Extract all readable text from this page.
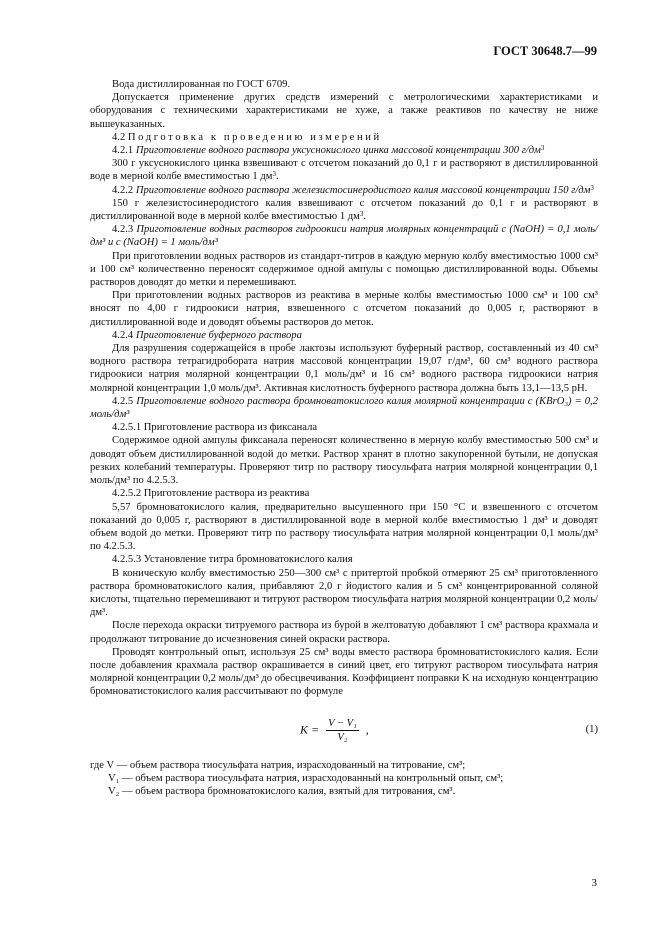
ГОСТ 30648.7—99

Вода дистиллированная по ГОСТ 6709.

Допускается применение других средств измерений с метрологическими характеристиками и оборудования с техническими характеристиками не хуже, а также реактивов по качеству не ниже вышеуказанных.

4.2 Подготовка к проведению измерений

4.2.1 Приготовление водного раствора уксуснокислого цинка массовой концентрации 300 $г/дм^3$

300 г уксуснокислого цинка взвешивают с отсчетом показаний до 0,1 г и растворяют в дистиллированной воде в мерной колбе вместимостью 1 $дм^3$.

4.2.2 Приготовление водного раствора железистосинеродистого калия массовой концентрации 150 $г/дм^3$

150 г железистосинеродистого калия взвешивают с отсчетом показаний до 0,1 г и растворяют в дистиллированной воде в мерной колбе вместимостью 1 $дм^3$.

4.2.3 Приготовление водных растворов гидроокиси натрия молярных концентраций с (NaOH) = 0,1 моль/дм³ и с (NaOH) = 1 моль/дм³

При приготовлении водных растворов из стандарт-титров в каждую мерную колбу вместимостью 1000 см³ и 100 см³ количественно переносят содержимое одной ампулы с помощью дистиллированной воды. Объемы растворов доводят до метки и перемешивают.

При приготовлении водных растворов из реактива в мерные колбы вместимостью 1000 см³ и 100 см³ вносят по 4,00 г гидроокиси натрия, взвешенного с отсчетом показаний до 0,005 г, растворяют в дистиллированной воде и доводят объемы растворов до меток.

4.2.4 Приготовление буферного раствора

Для разрушения содержащейся в пробе лактозы используют буферный раствор, составленный из 40 см³ водного раствора тетрагидробората натрия массовой концентрации 19,07 г/дм³, 60 см³ водного раствора гидроокиси натрия молярной концентрации 0,1 моль/дм³ и 16 см³ водного раствора гидроокиси натрия молярной концентрации 1,0 моль/дм³. Активная кислотность буферного раствора должна быть 13,1—13,5 pH.

4.2.5 Приготовление водного раствора бромноватокислого калия молярной концентрации с (KBrO₃) = 0,2 моль/дм³

4.2.5.1 Приготовление раствора из фиксанала

Содержимое одной ампулы фиксанала переносят количественно в мерную колбу вместимостью 500 см³ и доводят объем дистиллированной водой до метки. Раствор хранят в плотно закупоренной бутыли, не допуская резких колебаний температуры. Проверяют титр по раствору тиосульфата натрия молярной концентрации 0,1 моль/дм³ по 4.2.5.3.

4.2.5.2 Приготовление раствора из реактива

5,57 бромноватокислого калия, предварительно высушенного при 150 °С и взвешенного с отсчетом показаний до 0,005 г, растворяют в дистиллированной воде в мерной колбе вместимостью 1 дм³ и доводят объем водой до метки. Проверяют титр по раствору тиосульфата натрия молярной концентрации 0,1 моль/дм³ по 4.2.5.3.

4.2.5.3 Установление титра бромноватокислого калия

В коническую колбу вместимостью 250—300 см³ с притертой пробкой отмеряют 25 см³ приготовленного раствора бромноватокислого калия, прибавляют 2,0 г йодистого калия и 5 см³ концентрированной соляной кислоты, тщательно перемешивают и титруют раствором тиосульфата натрия молярной концентрации 0,2 моль/дм³.

После перехода окраски титруемого раствора из бурой в желтоватую добавляют 1 см³ раствора крахмала и продолжают титрование до исчезновения синей окраски раствора.

Проводят контрольный опыт, используя 25 см³ воды вместо раствора бромноватистокислого калия. Если после добавления крахмала раствор окрашивается в синий цвет, его титруют раствором тиосульфата натрия молярной концентрации 0,2 моль/дм³ до обесцвечивания. Коэффициент поправки K на исходную концентрацию бромноватистокислого калия рассчитывают по формуле

$K = \frac{\text{V − V₁}}{\text{V₂}}$ ,	(1)
где V — объем раствора тиосульфата натрия, израсходованный на титрование, см³;
V₁ — объем раствора тиосульфата натрия, израсходованный на контрольный опыт, см³;
V₂ — объем раствора бромноватокислого калия, взятый для титрования, см³.
3
